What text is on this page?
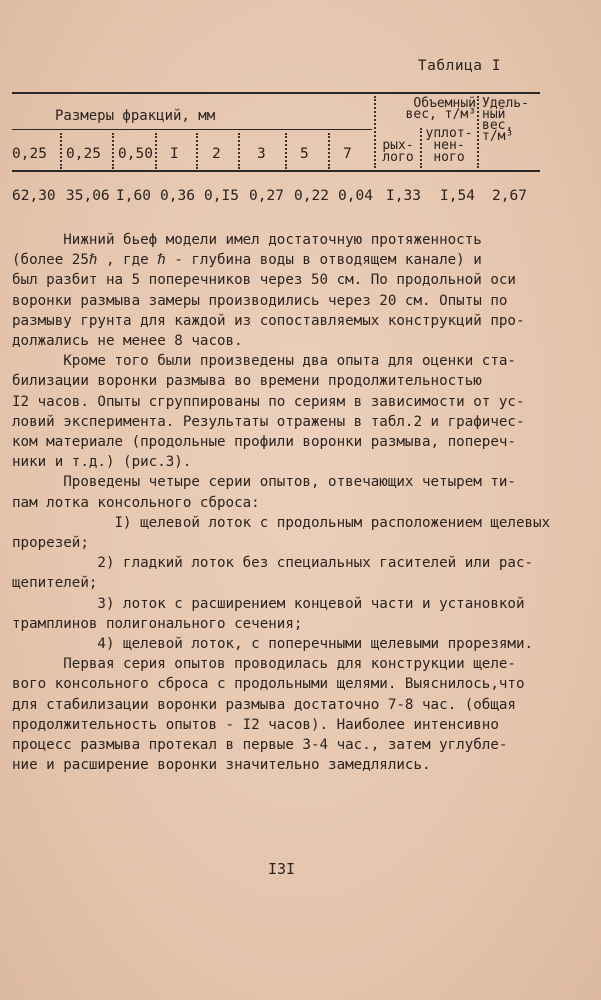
Таблица I
Размеры фракций, мм
Объемный
вес, т/м³
Удель-
ный
вес,
т/м³
рых-
лого
уплот-
нен-
ного
0,25 0,25 0,50 I 2	3 5 7
62,30 35,06 I,60 0,36 0,I5 0,27 0,22 0,04 I,33 I,54 2,67

Нижний бьеф модели имел достаточную протяженность

(более 25ℏ , где ℏ - глубина воды в отводящем канале) и

был разбит на 5 поперечников через 50 см. По продольной оси

воронки размыва замеры производились через 20 см. Опыты по

размыву грунта для каждой из сопоставляемых конструкций про-

должались не менее 8 часов.

Кроме того были произведены два опыта для оценки ста-

билизации воронки размыва во времени продолжительностью

I2 часов. Опыты сгруппированы по сериям в зависимости от ус-

ловий эксперимента. Результаты отражены в табл.2 и графичес-

ком материале (продольные профили воронки размыва, попереч-

ники и т.д.) (рис.3).

Проведены четыре серии опытов, отвечающих четырем ти-

пам лотка консольного сброса:

I) щелевой лоток с продольным расположением щелевых

прорезей;

2) гладкий лоток без специальных гасителей или рас-

щепителей;

3) лоток с расширением концевой части и установкой

трамплинов полигонального сечения;

4) щелевой лоток, с поперечными щелевыми прорезями.

Первая серия опытов проводилась для конструкции щеле-

вого консольного сброса с продольными щелями. Выяснилось,что

для стабилизации воронки размыва достаточно 7-8 час. (общая

продолжительность опытов - I2 часов). Наиболее интенсивно

процесс размыва протекал в первые 3-4 час., затем углубле-

ние и расширение воронки значительно замедлялись.

I3I
